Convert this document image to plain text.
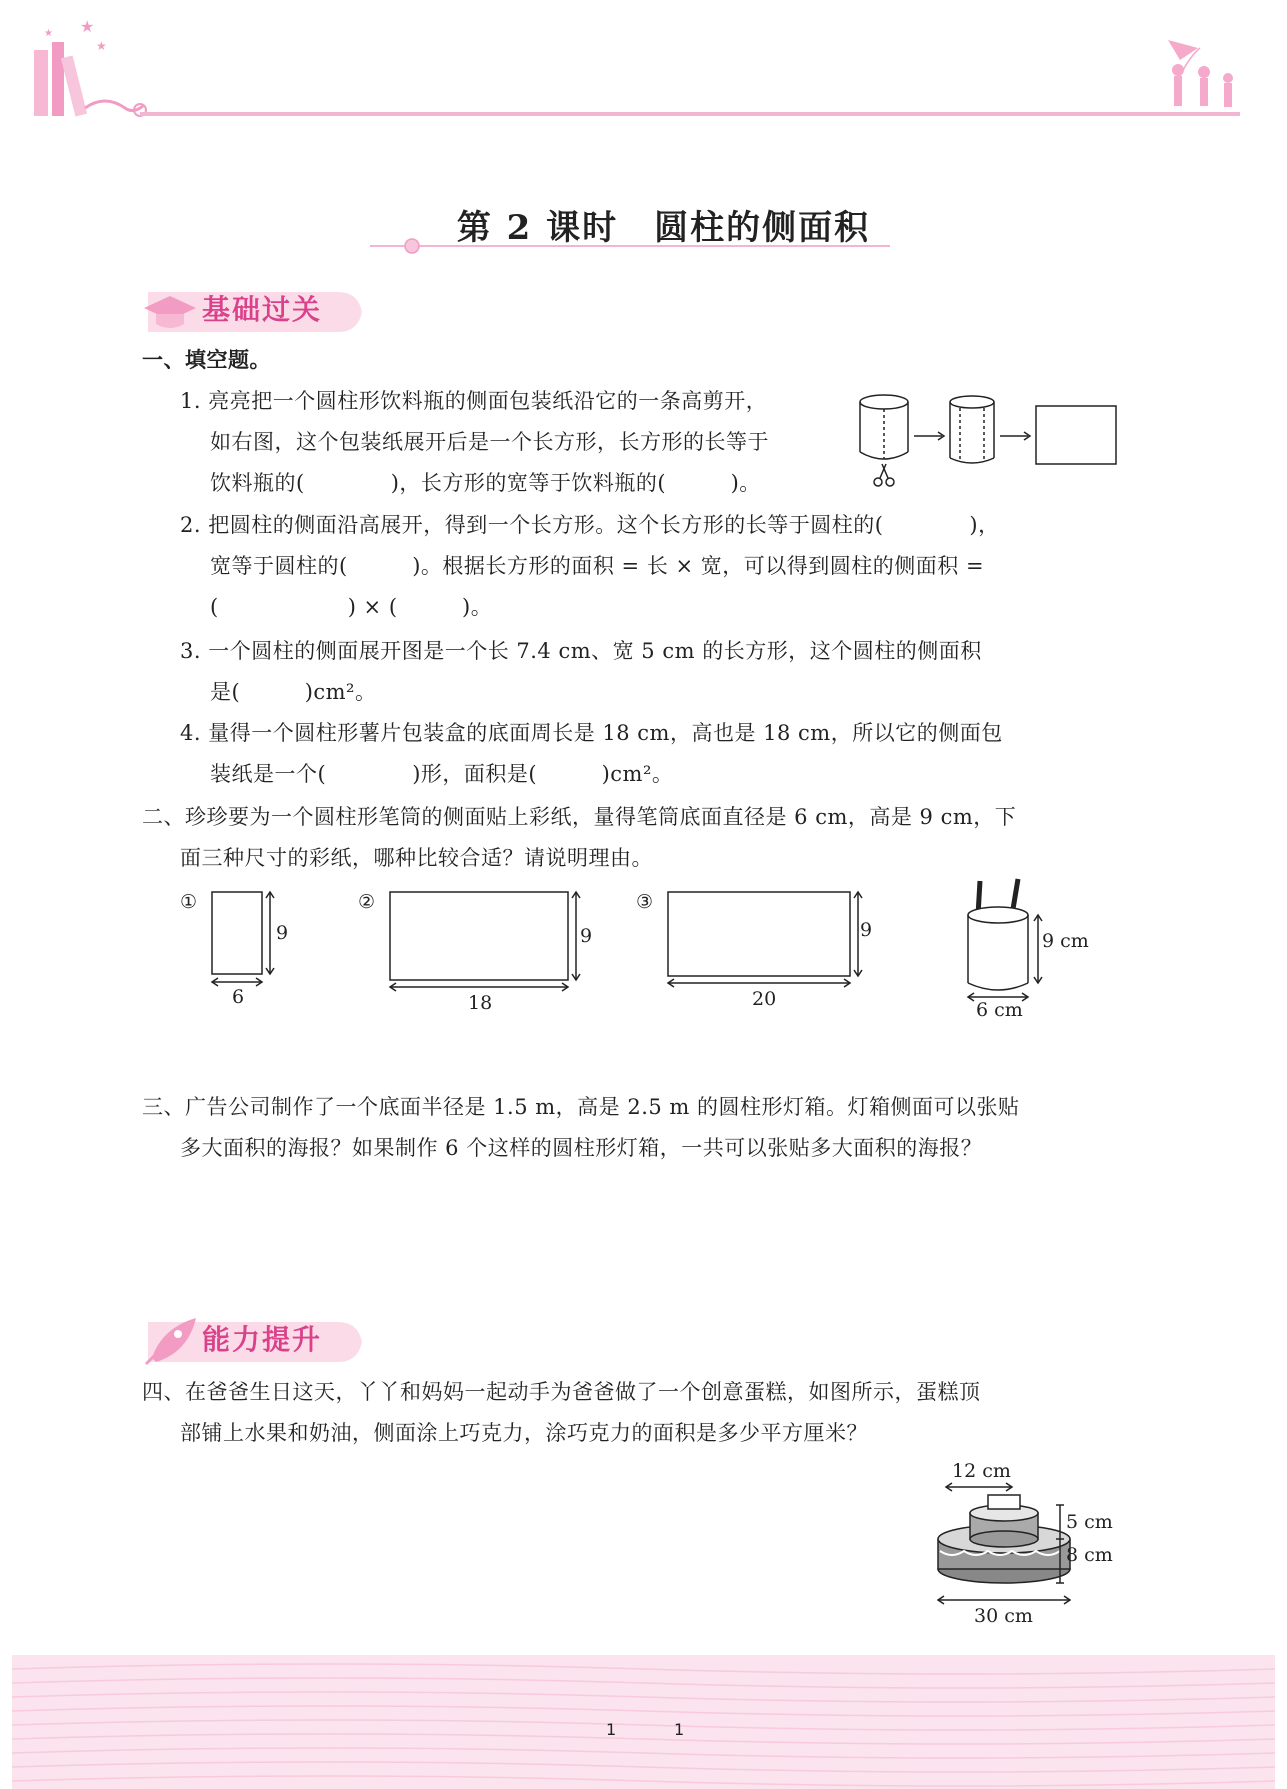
★
★
★
第 2 课时　圆柱的侧面积
基础过关
一、填空题。
1. 亮亮把一个圆柱形饮料瓶的侧面包装纸沿它的一条高剪开，
如右图，这个包装纸展开后是一个长方形，长方形的长等于
饮料瓶的(　　　　)，长方形的宽等于饮料瓶的(　　　)。
2. 把圆柱的侧面沿高展开，得到一个长方形。这个长方形的长等于圆柱的(　　　　)，
宽等于圆柱的(　　　)。根据长方形的面积 = 长 × 宽，可以得到圆柱的侧面积 =
(　　　　　　) × (　　　)。
3. 一个圆柱的侧面展开图是一个长 7.4 cm、宽 5 cm 的长方形，这个圆柱的侧面积
是(　　　)cm²。
4. 量得一个圆柱形薯片包装盒的底面周长是 18 cm，高也是 18 cm，所以它的侧面包
装纸是一个(　　　　)形，面积是(　　　)cm²。
二、珍珍要为一个圆柱形笔筒的侧面贴上彩纸，量得笔筒底面直径是 6 cm，高是 9 cm，下
面三种尺寸的彩纸，哪种比较合适？请说明理由。
①
9
6
②
9
18
③
9
20
9 cm
6 cm
三、广告公司制作了一个底面半径是 1.5 m，高是 2.5 m 的圆柱形灯箱。灯箱侧面可以张贴
多大面积的海报？如果制作 6 个这样的圆柱形灯箱，一共可以张贴多大面积的海报？
能力提升
四、在爸爸生日这天，丫丫和妈妈一起动手为爸爸做了一个创意蛋糕，如图所示，蛋糕顶
部铺上水果和奶油，侧面涂上巧克力，涂巧克力的面积是多少平方厘米？
12 cm
5 cm
8 cm
30 cm
1	1
